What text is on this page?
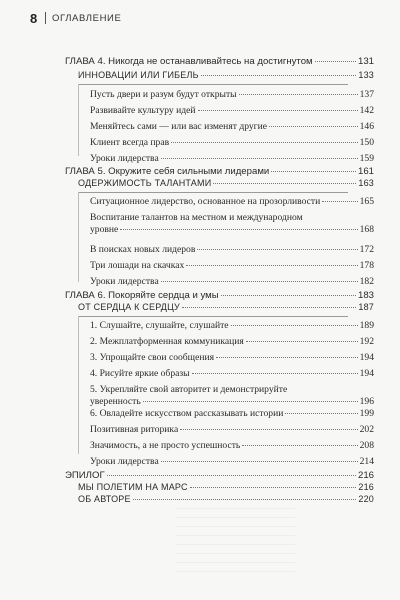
8	ОГЛАВЛЕНИЕ
ГЛАВА 4. Никогда не останавливайтесь на достигнутом	131
ИННОВАЦИИ ИЛИ ГИБЕЛЬ	133
Пусть двери и разум будут открыты	137
Развивайте культуру идей	142
Меняйтесь сами — или вас изменят другие	146
Клиент всегда прав	150
Уроки лидерства	159
ГЛАВА 5. Окружите себя сильными лидерами	161
ОДЕРЖИМОСТЬ ТАЛАНТАМИ	163
Ситуационное лидерство, основанное на прозорливости	165
Воспитание талантов на местном и международном
уровне	168
В поисках новых лидеров	172
Три лошади на скачках	178
Уроки лидерства	182
ГЛАВА 6. Покоряйте сердца и умы	183
ОТ СЕРДЦА К СЕРДЦУ	187
1. Слушайте, слушайте, слушайте	189
2. Межплатформенная коммуникация	192
3. Упрощайте свои сообщения	194
4. Рисуйте яркие образы	194
5. Укрепляйте свой авторитет и демонстрируйте
уверенность	196
6. Овладейте искусством рассказывать истории	199
Позитивная риторика	202
Значимость, а не просто успешность	208
Уроки лидерства	214
ЭПИЛОГ	216
МЫ ПОЛЕТИМ НА МАРС	216
ОБ АВТОРЕ	220
